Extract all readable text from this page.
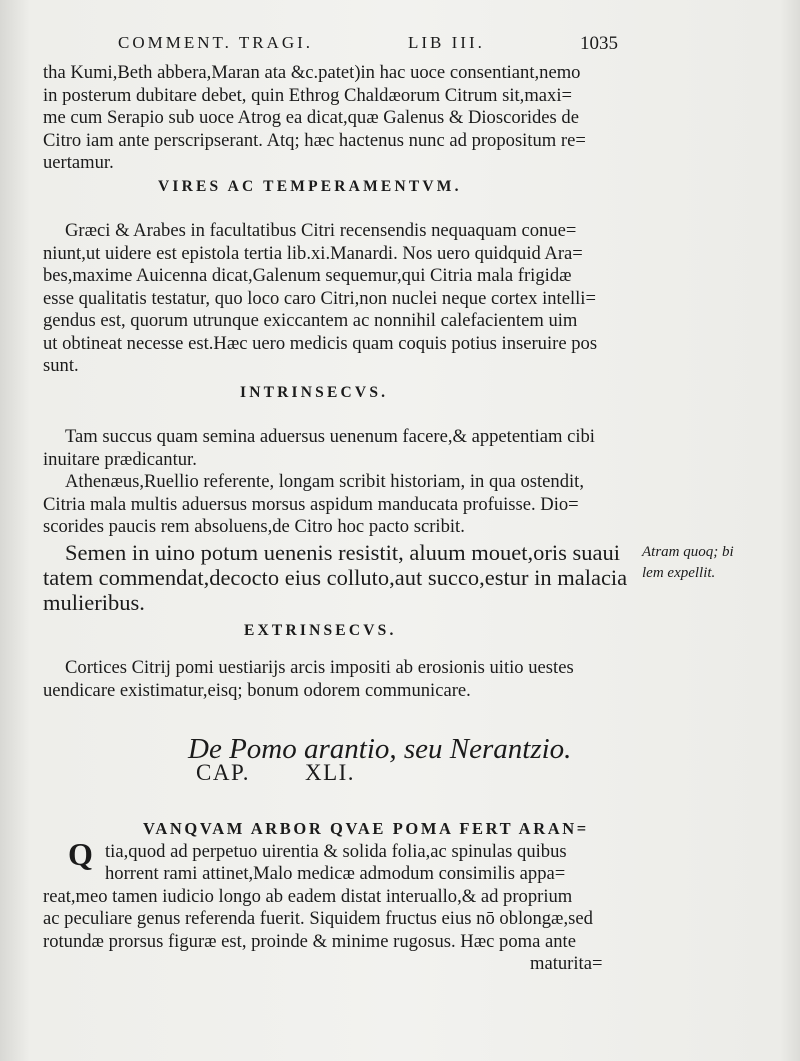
COMMENT. TRAGI.	LIB III.	1035
tha Kumi,Beth abbera,Maran ata &c.patet)in hac uoce consentiant,nemo
in posterum dubitare debet, quin Ethrog Chaldæorum Citrum sit,maxi=
me cum Serapio sub uoce Atrog ea dicat,quæ Galenus & Dioscorides de
Citro iam ante perscripserant. Atq; hæc hactenus nunc ad propositum re=
uertamur.
VIRES AC TEMPERAMENTVM.
Græci & Arabes in facultatibus Citri recensendis nequaquam conue=
niunt,ut uidere est epistola tertia lib.xi.Manardi. Nos uero quidquid Ara=
bes,maxime Auicenna dicat,Galenum sequemur,qui Citria mala frigidæ
esse qualitatis testatur, quo loco caro Citri,non nuclei neque cortex intelli=
gendus est, quorum utrunque exiccantem ac nonnihil calefacientem uim
ut obtineat necesse est.Hæc uero medicis quam coquis potius inseruire pos
sunt.
INTRINSECVS.
Tam succus quam semina aduersus uenenum facere,& appetentiam cibi
inuitare prædicantur.
Athenæus,Ruellio referente, longam scribit historiam, in qua ostendit,
Citria mala multis aduersus morsus aspidum manducata profuisse. Dio=
scorides paucis rem absoluens,de Citro hoc pacto scribit.
Semen in uino potum uenenis resistit, aluum mouet,oris suaui
tatem commendat,decocto eius colluto,aut succo,estur in malacia
mulieribus.
Atram quoq; bi
lem expellit.
EXTRINSECVS.
Cortices Citrij pomi uestiarijs arcis impositi ab erosionis uitio uestes
uendicare existimatur,eisq; bonum odorem communicare.
De Pomo arantio, seu Nerantzio.
CAP. XLI.
Q
VANQVAM ARBOR QVAE POMA FERT ARAN=
tia,quod ad perpetuo uirentia & solida folia,ac spinulas quibus
horrent rami attinet,Malo medicæ admodum consimilis appa=
reat,meo tamen iudicio longo ab eadem distat interuallo,& ad proprium
ac peculiare genus referenda fuerit. Siquidem fructus eius nō oblongæ,sed
rotundæ prorsus figuræ est, proinde & minime rugosus. Hæc poma ante
maturita=
